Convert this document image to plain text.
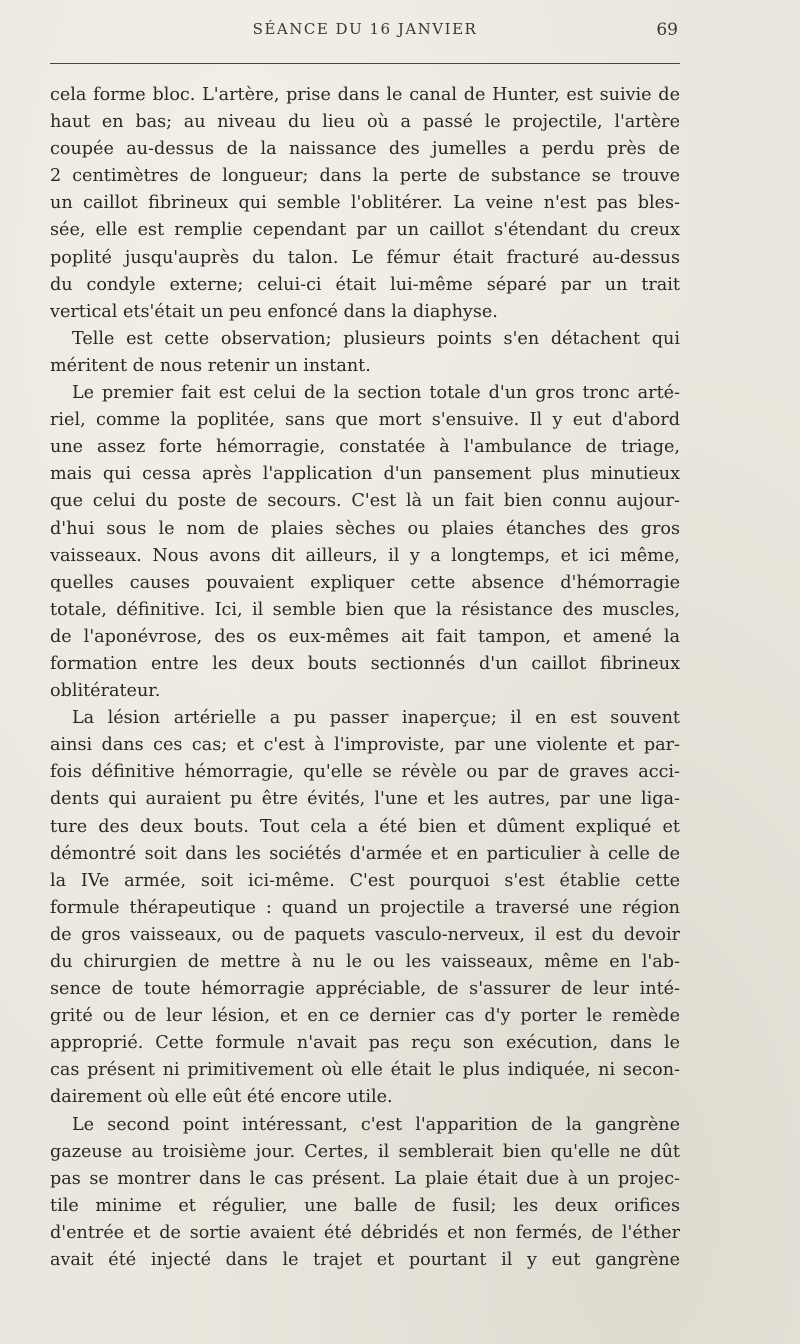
SÉANCE DU 16 JANVIER	69
cela forme bloc. L'artère, prise dans le canal de Hunter, est suivie de
haut en bas; au niveau du lieu où a passé le projectile, l'artère
coupée au-dessus de la naissance des jumelles a perdu près de
2 centimètres de longueur; dans la perte de substance se trouve
un caillot fibrineux qui semble l'oblitérer. La veine n'est pas bles-
sée, elle est remplie cependant par un caillot s'étendant du creux
poplité jusqu'auprès du talon. Le fémur était fracturé au-dessus
du condyle externe; celui-ci était lui-même séparé par un trait
vertical ets'était un peu enfoncé dans la diaphyse.
Telle est cette observation; plusieurs points s'en détachent qui
méritent de nous retenir un instant.
Le premier fait est celui de la section totale d'un gros tronc arté-
riel, comme la poplitée, sans que mort s'ensuive. Il y eut d'abord
une assez forte hémorragie, constatée à l'ambulance de triage,
mais qui cessa après l'application d'un pansement plus minutieux
que celui du poste de secours. C'est là un fait bien connu aujour-
d'hui sous le nom de plaies sèches ou plaies étanches des gros
vaisseaux. Nous avons dit ailleurs, il y a longtemps, et ici même,
quelles causes pouvaient expliquer cette absence d'hémorragie
totale, définitive. Ici, il semble bien que la résistance des muscles,
de l'aponévrose, des os eux-mêmes ait fait tampon, et amené la
formation entre les deux bouts sectionnés d'un caillot fibrineux
oblitérateur.
La lésion artérielle a pu passer inaperçue; il en est souvent
ainsi dans ces cas; et c'est à l'improviste, par une violente et par-
fois définitive hémorragie, qu'elle se révèle ou par de graves acci-
dents qui auraient pu être évités, l'une et les autres, par une liga-
ture des deux bouts. Tout cela a été bien et dûment expliqué et
démontré soit dans les sociétés d'armée et en particulier à celle de
la IVe armée, soit ici-même. C'est pourquoi s'est établie cette
formule thérapeutique : quand un projectile a traversé une région
de gros vaisseaux, ou de paquets vasculo-nerveux, il est du devoir
du chirurgien de mettre à nu le ou les vaisseaux, même en l'ab-
sence de toute hémorragie appréciable, de s'assurer de leur inté-
grité ou de leur lésion, et en ce dernier cas d'y porter le remède
approprié. Cette formule n'avait pas reçu son exécution, dans le
cas présent ni primitivement où elle était le plus indiquée, ni secon-
dairement où elle eût été encore utile.
Le second point intéressant, c'est l'apparition de la gangrène
gazeuse au troisième jour. Certes, il semblerait bien qu'elle ne dût
pas se montrer dans le cas présent. La plaie était due à un projec-
tile minime et régulier, une balle de fusil; les deux orifices
d'entrée et de sortie avaient été débridés et non fermés, de l'éther
avait été injecté dans le trajet et pourtant il y eut gangrène
